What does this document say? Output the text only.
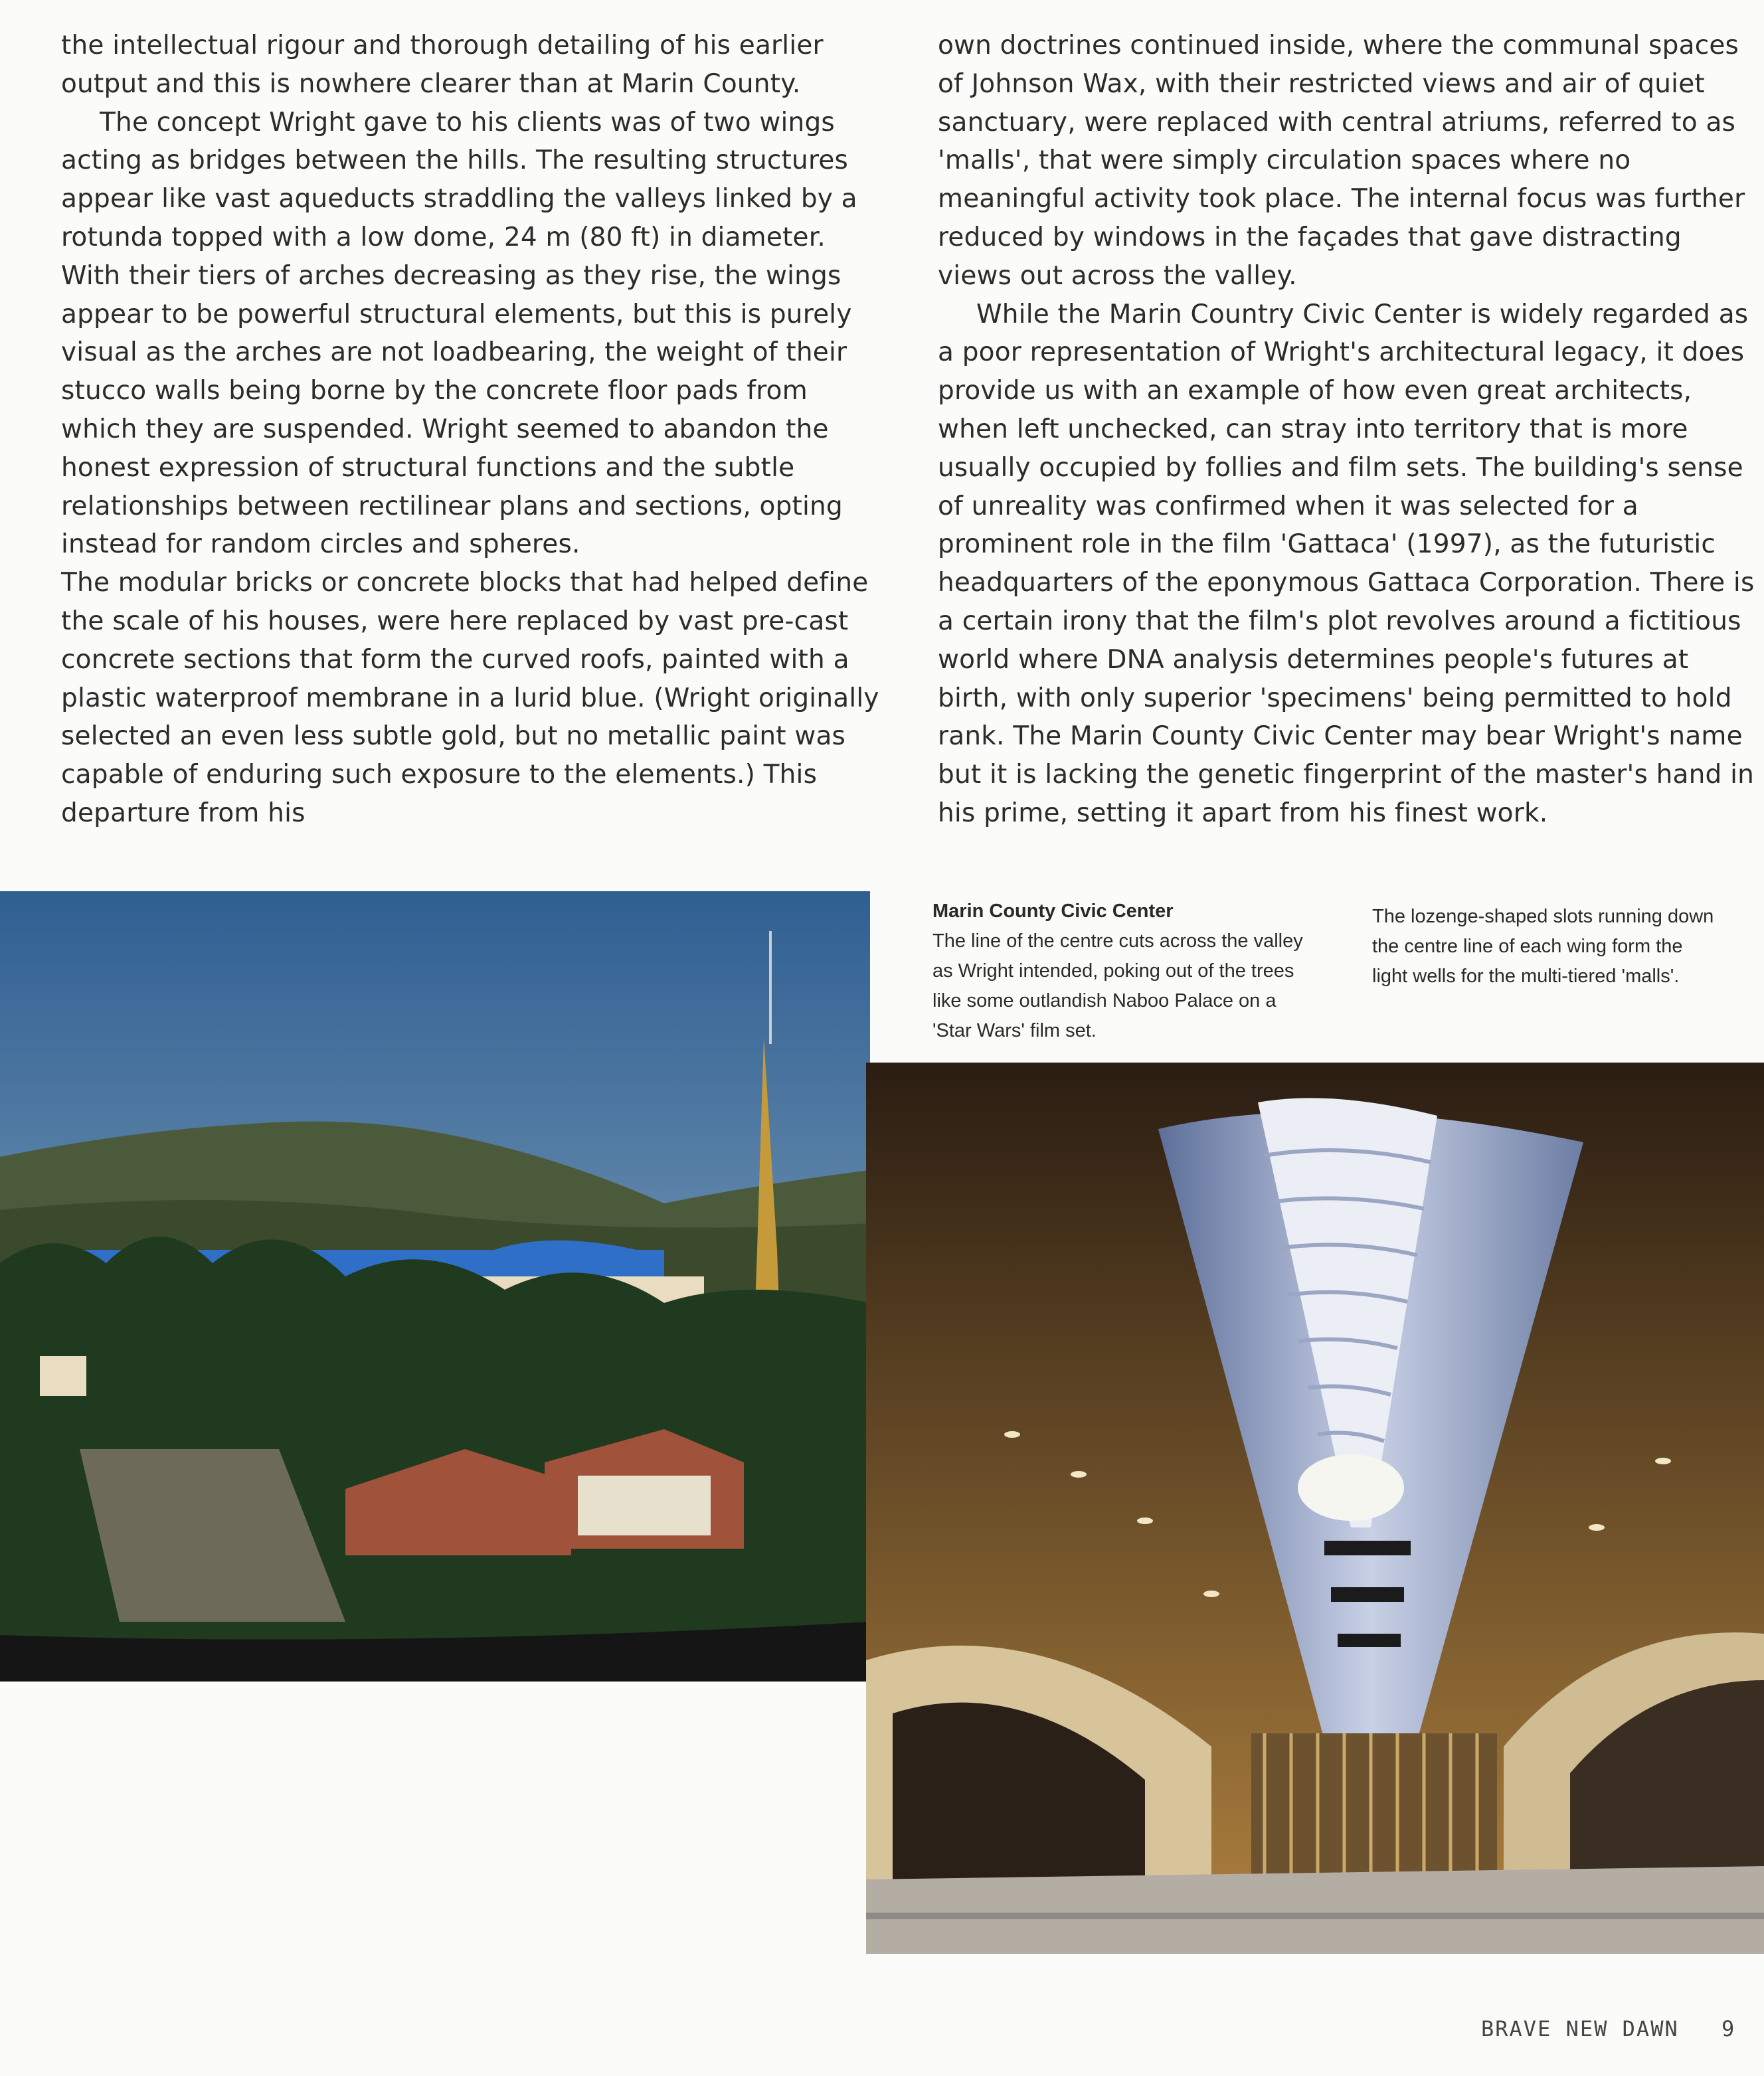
the intellectual rigour and thorough detailing of his earlier output and this is nowhere clearer than at Marin County.

The concept Wright gave to his clients was of two wings acting as bridges between the hills. The resulting structures appear like vast aqueducts straddling the valleys linked by a rotunda topped with a low dome, 24 m (80 ft) in diameter. With their tiers of arches decreasing as they rise, the wings appear to be powerful structural elements, but this is purely visual as the arches are not loadbearing, the weight of their stucco walls being borne by the concrete floor pads from which they are suspended. Wright seemed to abandon the honest expression of structural functions and the subtle relationships between rectilinear plans and sections, opting instead for random circles and spheres.

The modular bricks or concrete blocks that had helped define the scale of his houses, were here replaced by vast pre-cast concrete sections that form the curved roofs, painted with a plastic waterproof membrane in a lurid blue. (Wright originally selected an even less subtle gold, but no metallic paint was capable of enduring such exposure to the elements.) This departure from his

own doctrines continued inside, where the communal spaces of Johnson Wax, with their restricted views and air of quiet sanctuary, were replaced with central atriums, referred to as 'malls', that were simply circulation spaces where no meaningful activity took place. The internal focus was further reduced by windows in the façades that gave distracting views out across the valley.

While the Marin Country Civic Center is widely regarded as a poor representation of Wright's architectural legacy, it does provide us with an example of how even great architects, when left unchecked, can stray into territory that is more usually occupied by follies and film sets. The building's sense of unreality was confirmed when it was selected for a prominent role in the film 'Gattaca' (1997), as the futuristic headquarters of the eponymous Gattaca Corporation. There is a certain irony that the film's plot revolves around a fictitious world where DNA analysis determines people's futures at birth, with only superior 'specimens' being permitted to hold rank. The Marin County Civic Center may bear Wright's name but it is lacking the genetic fingerprint of the master's hand in his prime, setting it apart from his finest work.

Marin County Civic Center
The line of the centre cuts across the valley as Wright intended, poking out of the trees like some outlandish Naboo Palace on a 'Star Wars' film set.
The lozenge-shaped slots running down the centre line of each wing form the light wells for the multi-tiered 'malls'.
BRAVE NEW DAWN 9
